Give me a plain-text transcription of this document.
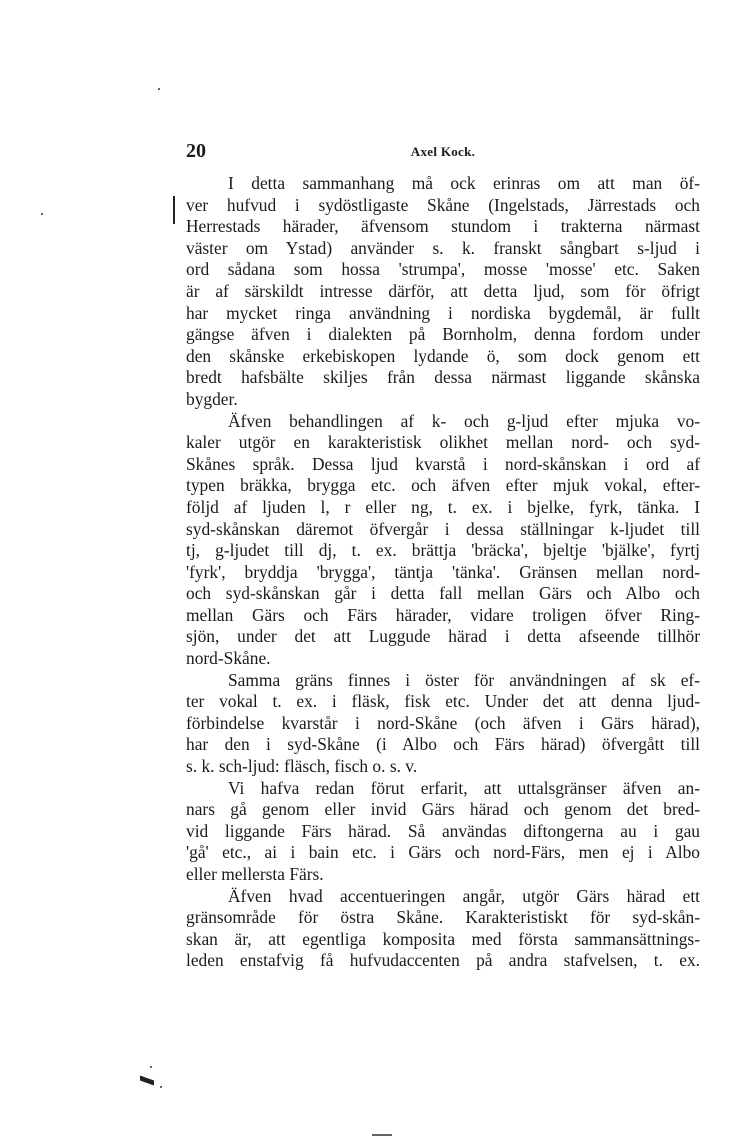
20	Axel Kock.
I detta sammanhang må ock erinras om att man öf-
ver hufvud i sydöstligaste Skåne (Ingelstads, Järrestads och
Herrestads härader, äfvensom stundom i trakterna närmast
väster om Ystad) använder s. k. franskt sångbart s-ljud i
ord sådana som hossa 'strumpa', mosse 'mosse' etc. Saken
är af särskildt intresse därför, att detta ljud, som för öfrigt
har mycket ringa användning i nordiska bygdemål, är fullt
gängse äfven i dialekten på Bornholm, denna fordom under
den skånske erkebiskopen lydande ö, som dock genom ett
bredt hafsbälte skiljes från dessa närmast liggande skånska
bygder.
Äfven behandlingen af k- och g-ljud efter mjuka vo-
kaler utgör en karakteristisk olikhet mellan nord- och syd-
Skånes språk. Dessa ljud kvarstå i nord-skånskan i ord af
typen bräkka, brygga etc. och äfven efter mjuk vokal, efter-
följd af ljuden l, r eller ng, t. ex. i bjelke, fyrk, tänka. I
syd-skånskan däremot öfvergår i dessa ställningar k-ljudet till
tj, g-ljudet till dj, t. ex. brättja 'bräcka', bjeltje 'bjälke', fyrtj
'fyrk', bryddja 'brygga', täntja 'tänka'. Gränsen mellan nord-
och syd-skånskan går i detta fall mellan Gärs och Albo och
mellan Gärs och Färs härader, vidare troligen öfver Ring-
sjön, under det att Luggude härad i detta afseende tillhör
nord-Skåne.
Samma gräns finnes i öster för användningen af sk ef-
ter vokal t. ex. i fläsk, fisk etc. Under det att denna ljud-
förbindelse kvarstår i nord-Skåne (och äfven i Gärs härad),
har den i syd-Skåne (i Albo och Färs härad) öfvergått till
s. k. sch-ljud: fläsch, fisch o. s. v.
Vi hafva redan förut erfarit, att uttalsgränser äfven an-
nars gå genom eller invid Gärs härad och genom det bred-
vid liggande Färs härad. Så användas diftongerna au i gau
'gå' etc., ai i bain etc. i Gärs och nord-Färs, men ej i Albo
eller mellersta Färs.
Äfven hvad accentueringen angår, utgör Gärs härad ett
gränsområde för östra Skåne. Karakteristiskt för syd-skån-
skan är, att egentliga komposita med första sammansättnings-
leden enstafvig få hufvudaccenten på andra stafvelsen, t. ex.
